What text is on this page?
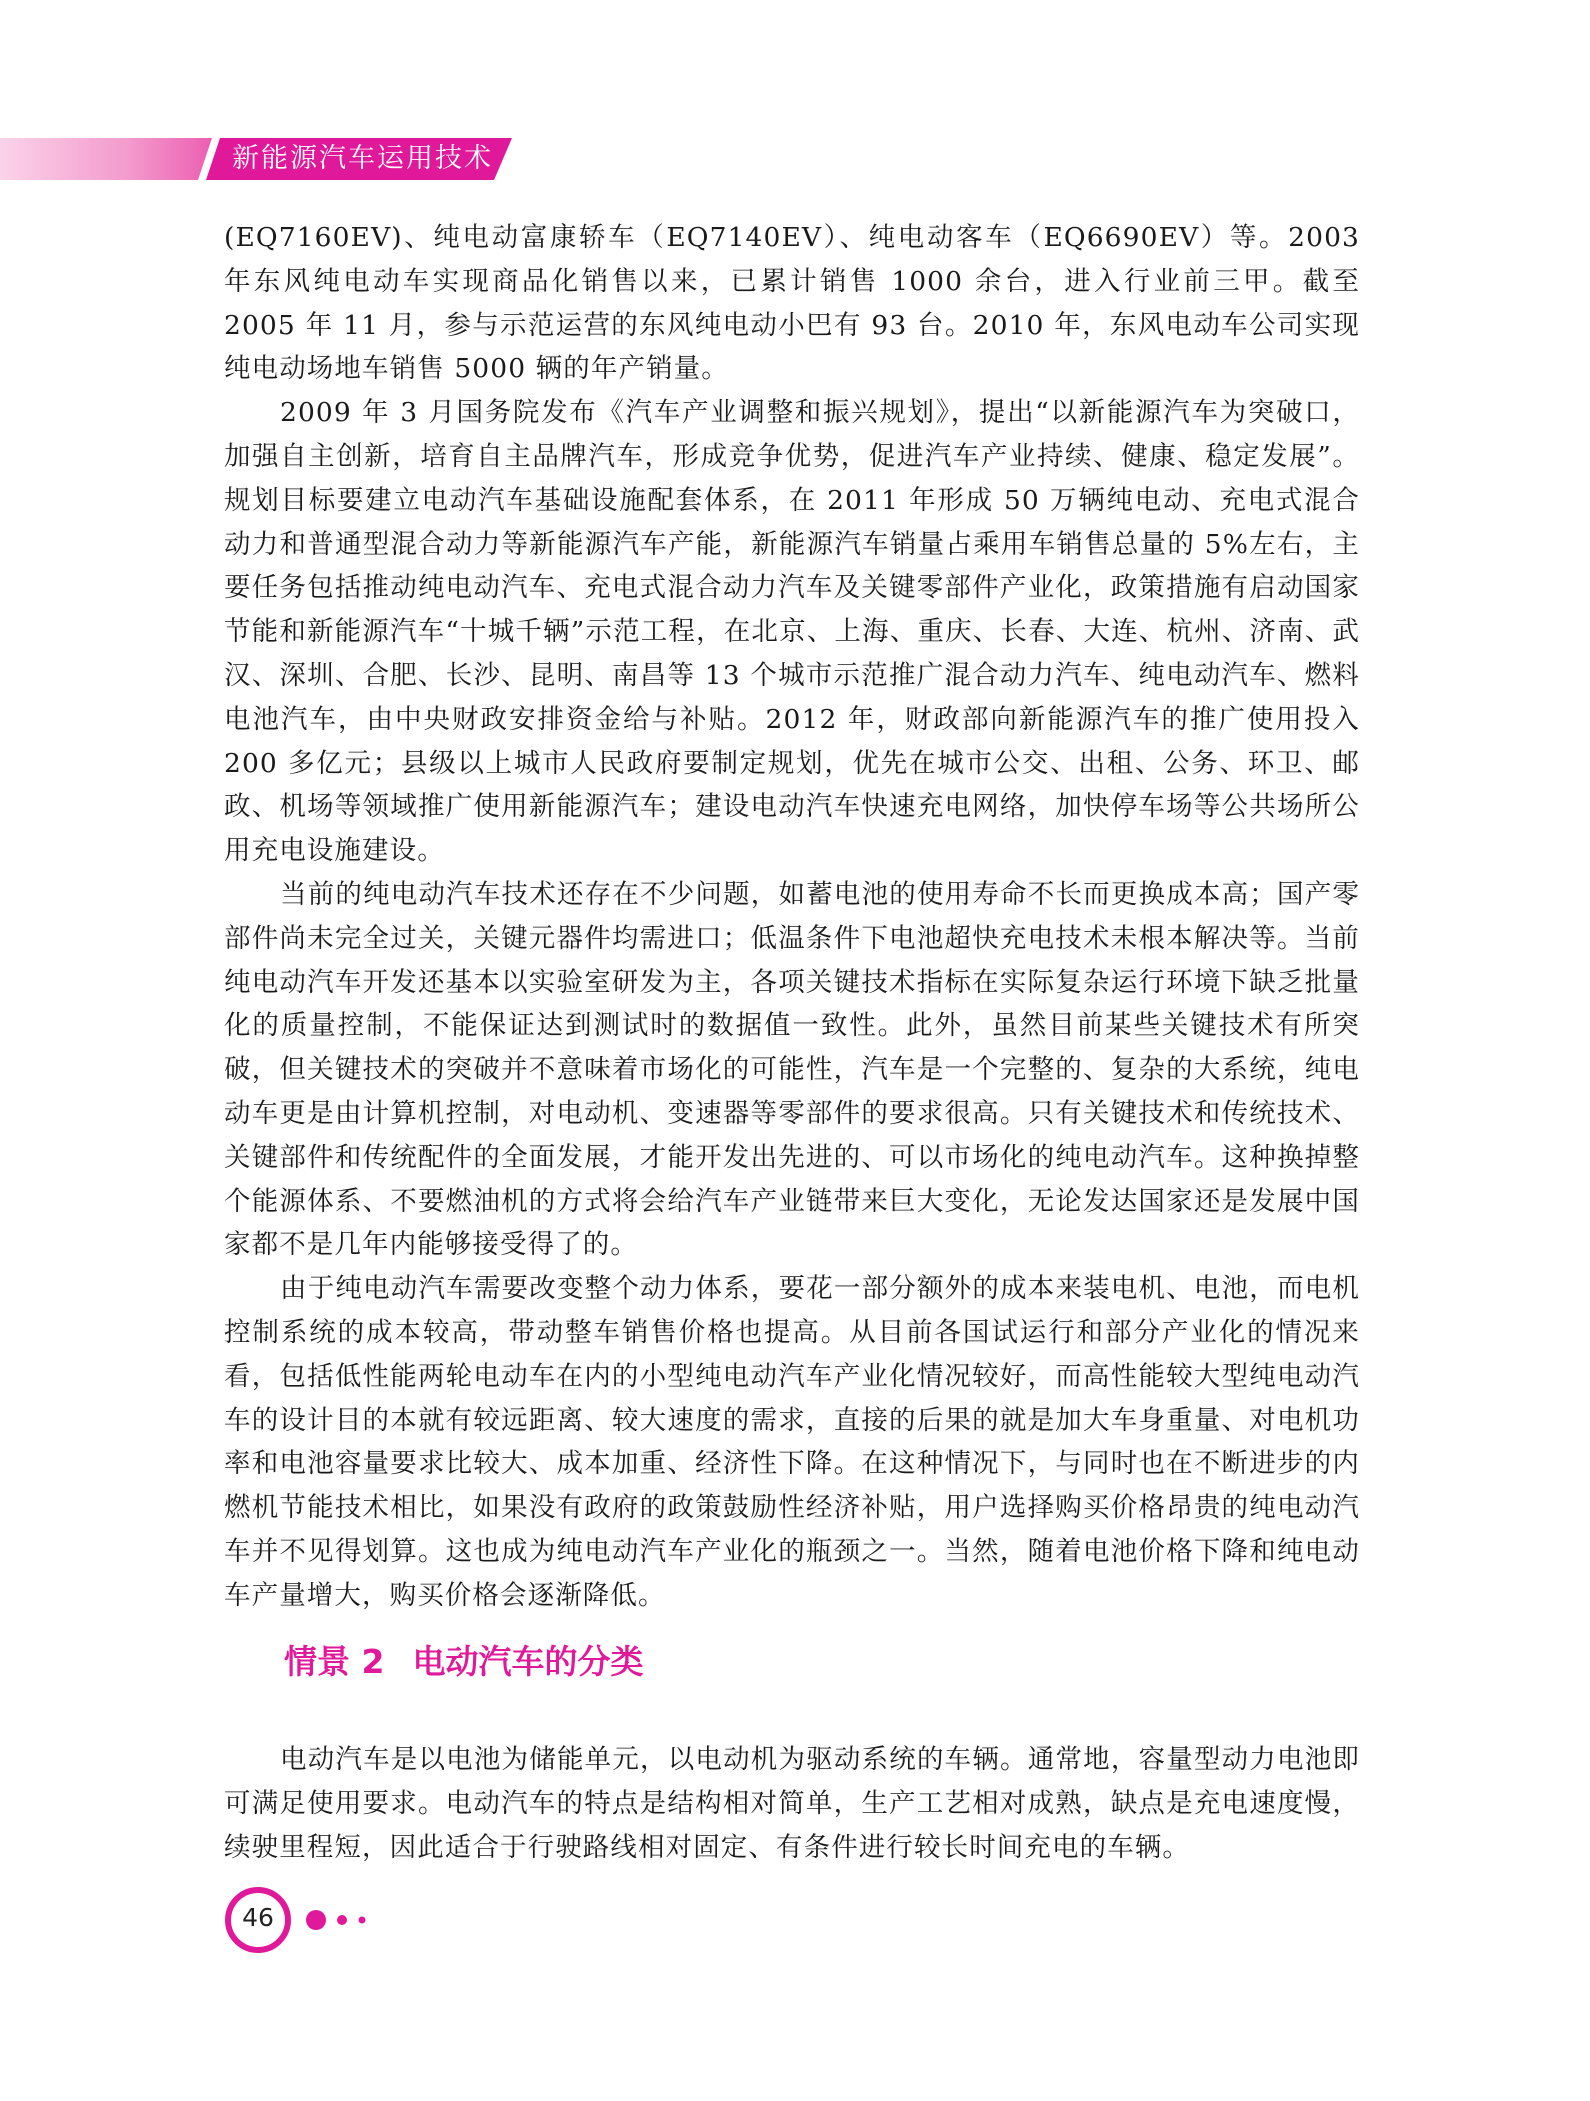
新能源汽车运用技术

(EQ7160EV)、纯电动富康轿车（EQ7140EV）、纯电动客车（EQ6690EV）等。2003 年东风纯电动车实现商品化销售以来，已累计销售 1000 余台，进入行业前三甲。截至 2005 年 11 月，参与示范运营的东风纯电动小巴有 93 台。2010 年，东风电动车公司实现纯电动场地车销售 5000 辆的年产销量。

2009 年 3 月国务院发布《汽车产业调整和振兴规划》，提出“以新能源汽车为突破口，加强自主创新，培育自主品牌汽车，形成竞争优势，促进汽车产业持续、健康、稳定发展”。规划目标要建立电动汽车基础设施配套体系，在 2011 年形成 50 万辆纯电动、充电式混合动力和普通型混合动力等新能源汽车产能，新能源汽车销量占乘用车销售总量的 5%左右，主要任务包括推动纯电动汽车、充电式混合动力汽车及关键零部件产业化，政策措施有启动国家节能和新能源汽车“十城千辆”示范工程，在北京、上海、重庆、长春、大连、杭州、济南、武汉、深圳、合肥、长沙、昆明、南昌等 13 个城市示范推广混合动力汽车、纯电动汽车、燃料电池汽车，由中央财政安排资金给与补贴。2012 年，财政部向新能源汽车的推广使用投入 200 多亿元；县级以上城市人民政府要制定规划，优先在城市公交、出租、公务、环卫、邮政、机场等领域推广使用新能源汽车；建设电动汽车快速充电网络，加快停车场等公共场所公用充电设施建设。

当前的纯电动汽车技术还存在不少问题，如蓄电池的使用寿命不长而更换成本高；国产零部件尚未完全过关，关键元器件均需进口；低温条件下电池超快充电技术未根本解决等。当前纯电动汽车开发还基本以实验室研发为主，各项关键技术指标在实际复杂运行环境下缺乏批量化的质量控制，不能保证达到测试时的数据值一致性。此外，虽然目前某些关键技术有所突破，但关键技术的突破并不意味着市场化的可能性，汽车是一个完整的、复杂的大系统，纯电动车更是由计算机控制，对电动机、变速器等零部件的要求很高。只有关键技术和传统技术、关键部件和传统配件的全面发展，才能开发出先进的、可以市场化的纯电动汽车。这种换掉整个能源体系、不要燃油机的方式将会给汽车产业链带来巨大变化，无论发达国家还是发展中国家都不是几年内能够接受得了的。

由于纯电动汽车需要改变整个动力体系，要花一部分额外的成本来装电机、电池，而电机控制系统的成本较高，带动整车销售价格也提高。从目前各国试运行和部分产业化的情况来看，包括低性能两轮电动车在内的小型纯电动汽车产业化情况较好，而高性能较大型纯电动汽车的设计目的本就有较远距离、较大速度的需求，直接的后果的就是加大车身重量、对电机功率和电池容量要求比较大、成本加重、经济性下降。在这种情况下，与同时也在不断进步的内燃机节能技术相比，如果没有政府的政策鼓励性经济补贴，用户选择购买价格昂贵的纯电动汽车并不见得划算。这也成为纯电动汽车产业化的瓶颈之一。当然，随着电池价格下降和纯电动车产量增大，购买价格会逐渐降低。

情景 2 电动汽车的分类

电动汽车是以电池为储能单元，以电动机为驱动系统的车辆。通常地，容量型动力电池即可满足使用要求。电动汽车的特点是结构相对简单，生产工艺相对成熟，缺点是充电速度慢，续驶里程短，因此适合于行驶路线相对固定、有条件进行较长时间充电的车辆。

46
